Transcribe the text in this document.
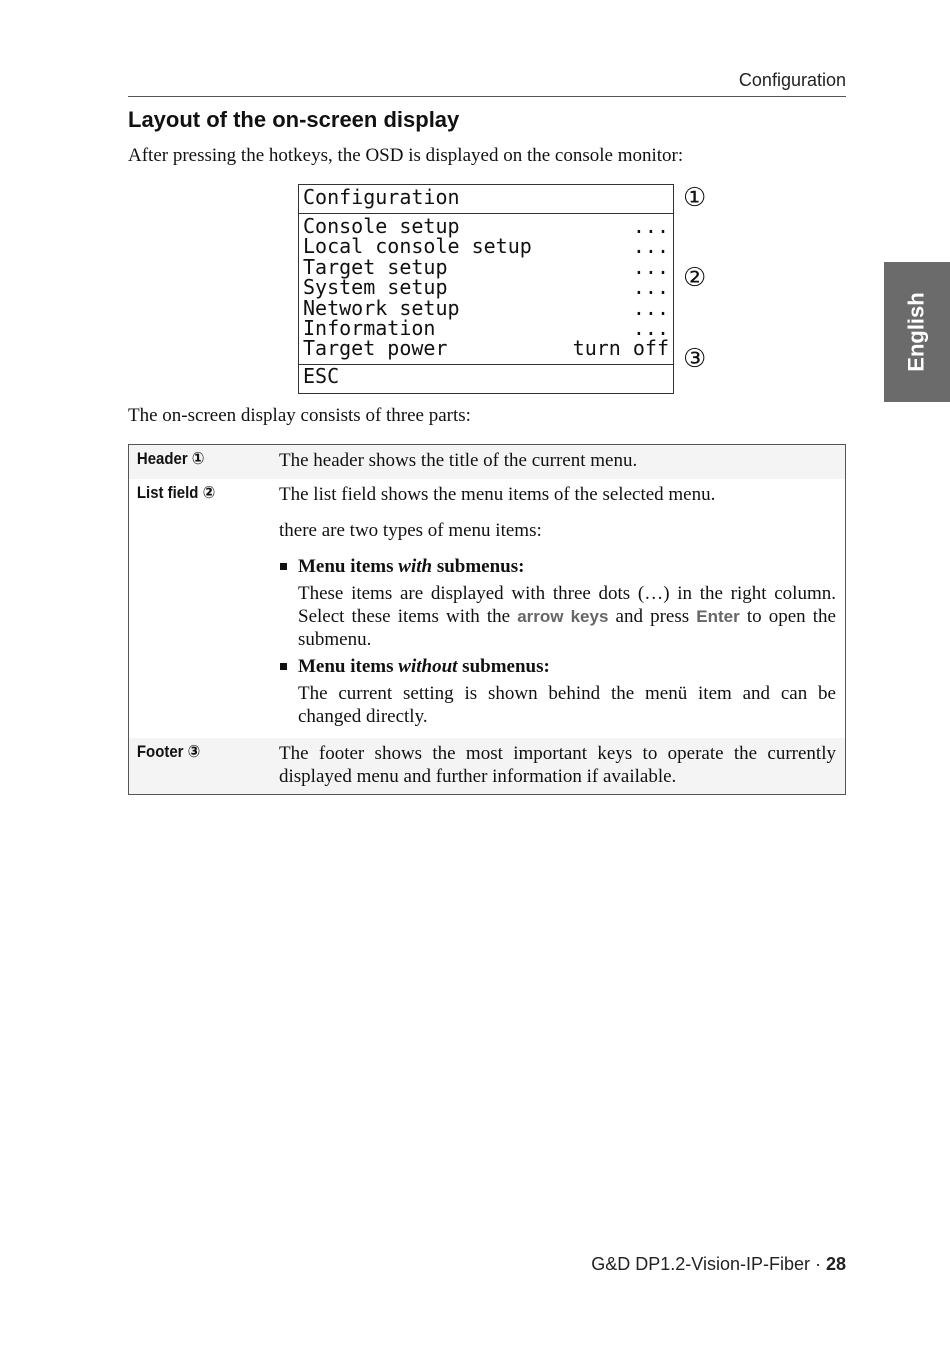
Configuration
English
Layout of the on-screen display
After pressing the hotkeys, the OSD is displayed on the console monitor:
Configuration
Console setup	...
Local console setup	...
Target setup	...
System setup	...
Network setup	...
Information	...
Target power	turn off
ESC
①
②
③
The on-screen display consists of three parts:
Header ①	The header shows the title of the current menu.

List field ②	The list field shows the menu items of the selected menu.

there are two types of menu items:

Menu items with submenus:
These items are displayed with three dots (…) in the right column. Select these items with the arrow keys and press Enter to open the submenu.
Menu items without submenus:
The current setting is shown behind the menü item and can be changed directly.
Footer ③	The footer shows the most important keys to operate the currently displayed menu and further information if available.

G&D DP1.2-Vision-IP-Fiber · 28
